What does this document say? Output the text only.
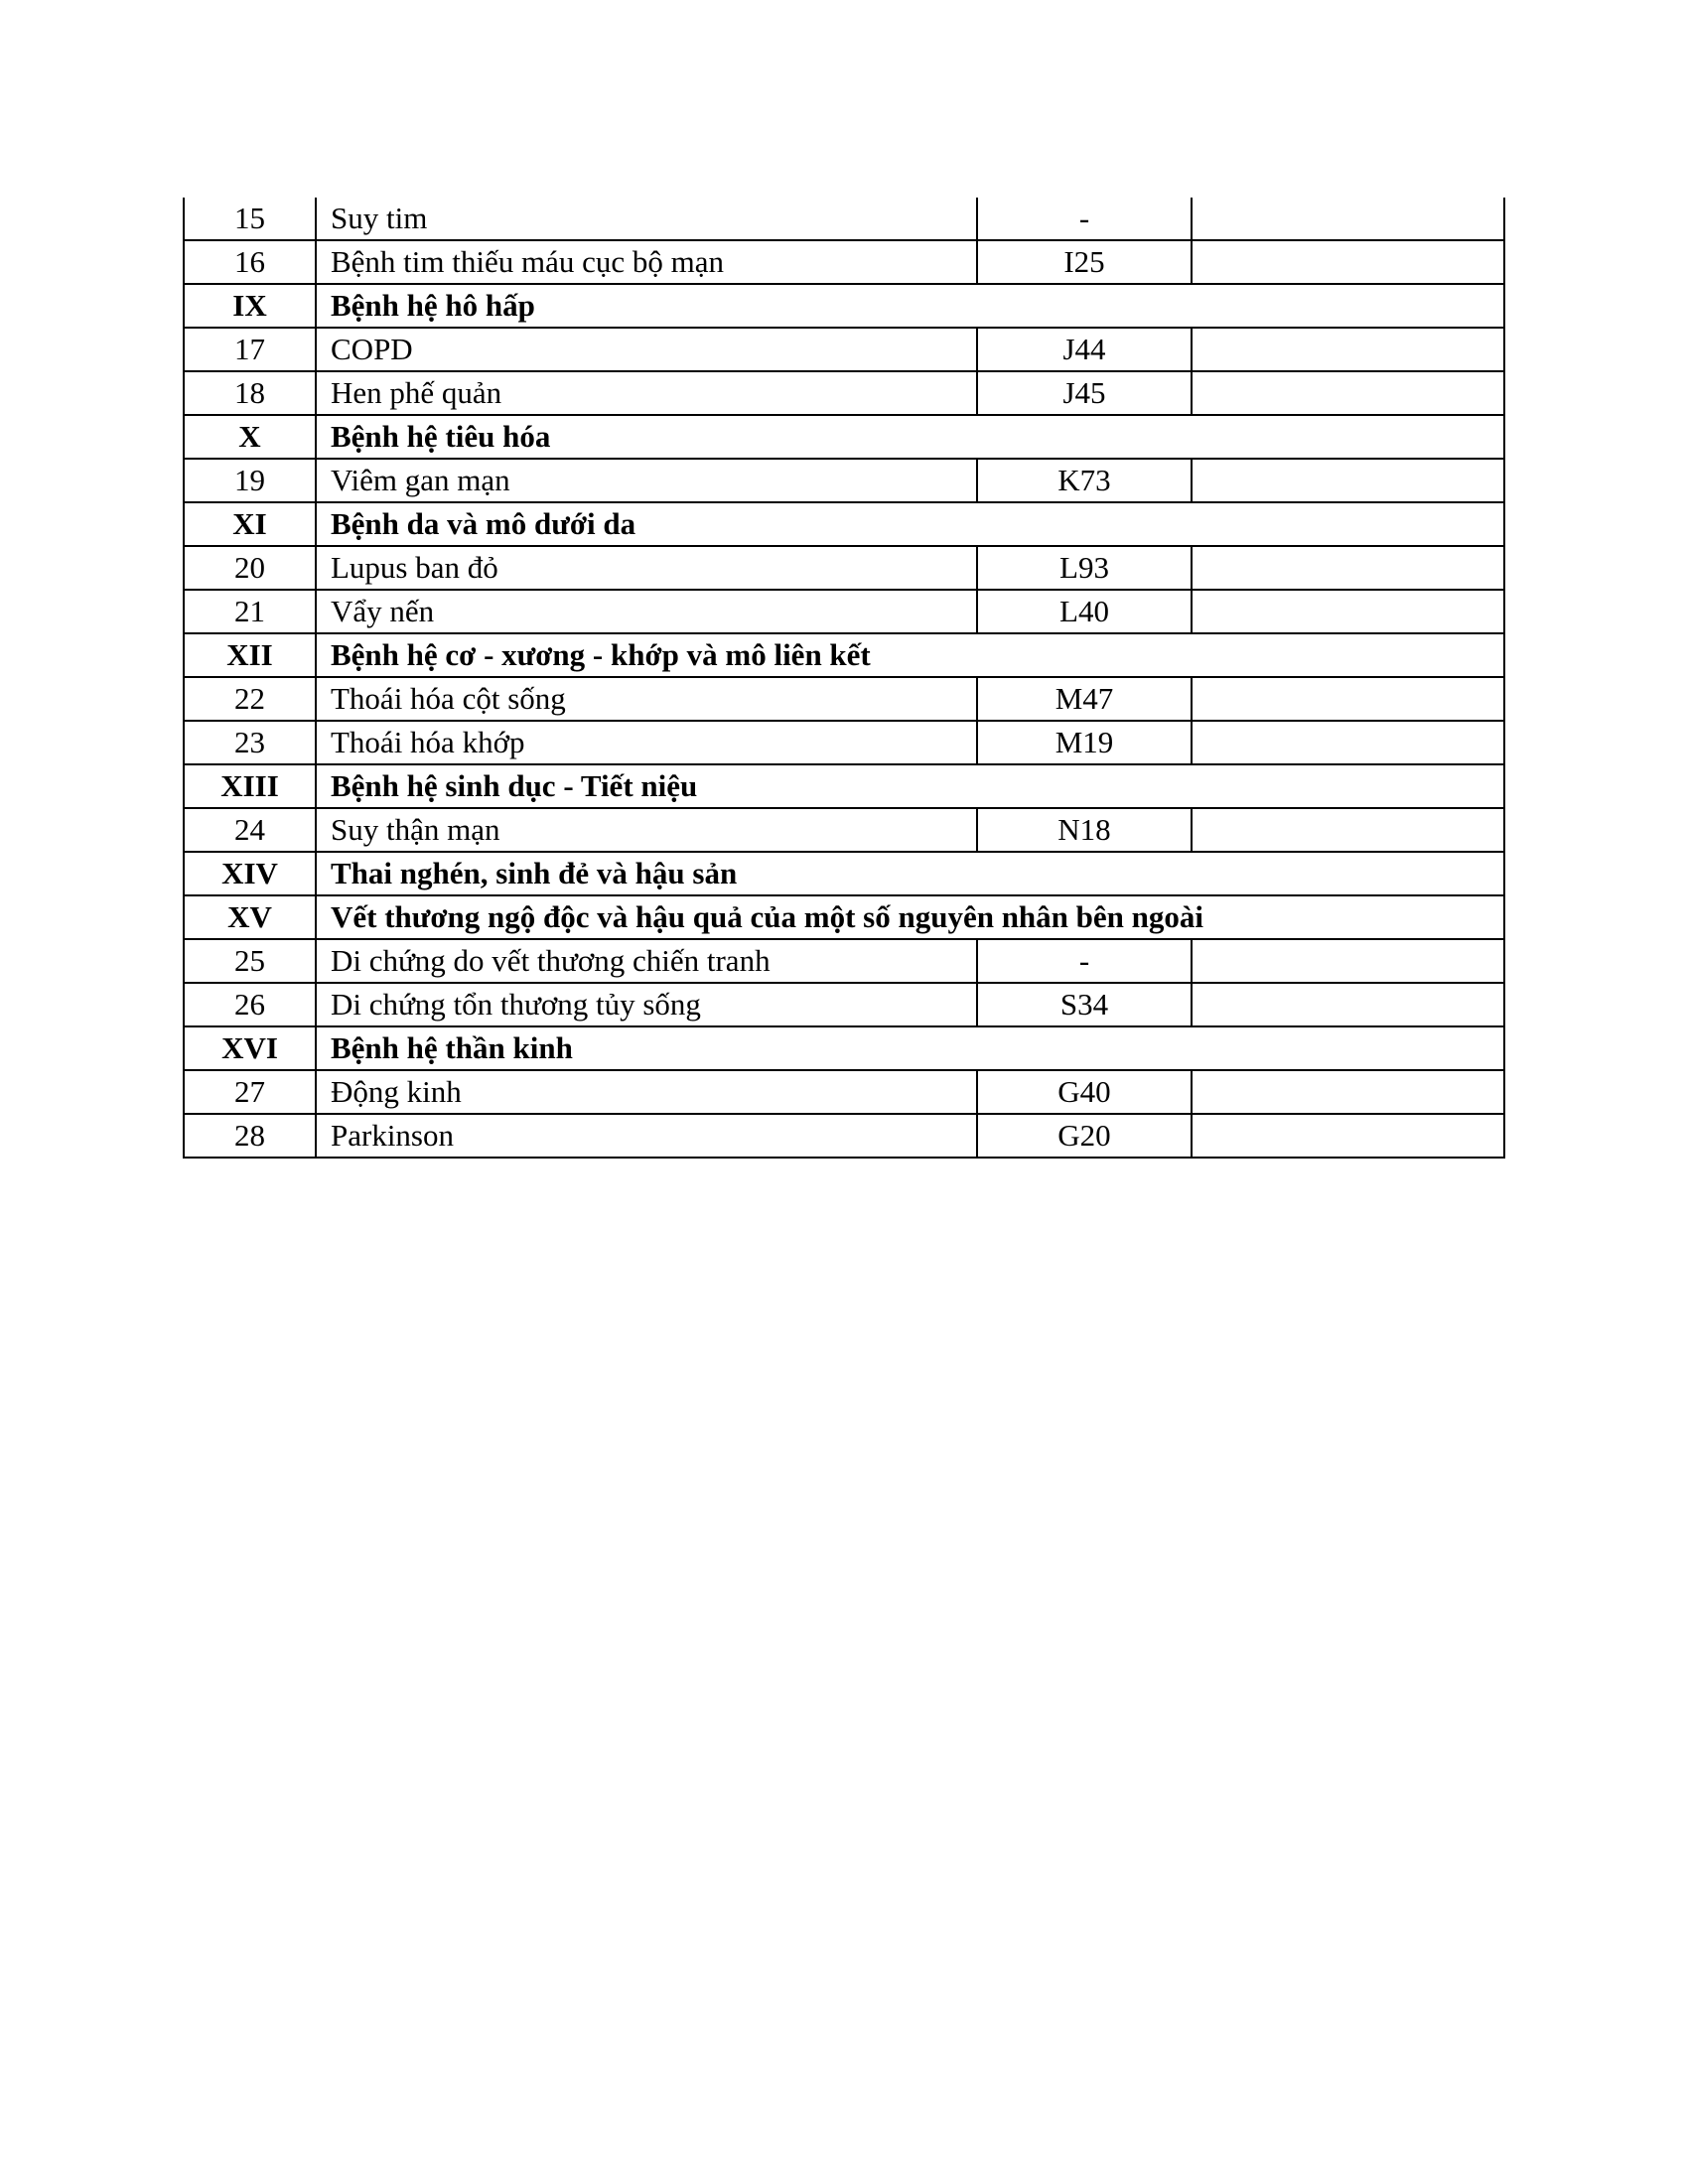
15	Suy tim	-	
16	Bệnh tim thiếu máu cục bộ mạn	I25	
IX	Bệnh hệ hô hấp		
17	COPD	J44	
18	Hen phế quản	J45	
X	Bệnh hệ tiêu hóa		
19	Viêm gan mạn	K73	
XI	Bệnh da và mô dưới da		
20	Lupus ban đỏ	L93	
21	Vẩy nến	L40	
XII	Bệnh hệ cơ - xương - khớp và mô liên kết		
22	Thoái hóa cột sống	M47	
23	Thoái hóa khớp	M19	
XIII	Bệnh hệ sinh dục - Tiết niệu		
24	Suy thận mạn	N18	
XIV	Thai nghén, sinh đẻ và hậu sản		
XV	Vết thương ngộ độc và hậu quả của một số nguyên nhân bên ngoài		
25	Di chứng do vết thương chiến tranh	-	
26	Di chứng tổn thương tủy sống	S34	
XVI	Bệnh hệ thần kinh		
27	Động kinh	G40	
28	Parkinson	G20	
